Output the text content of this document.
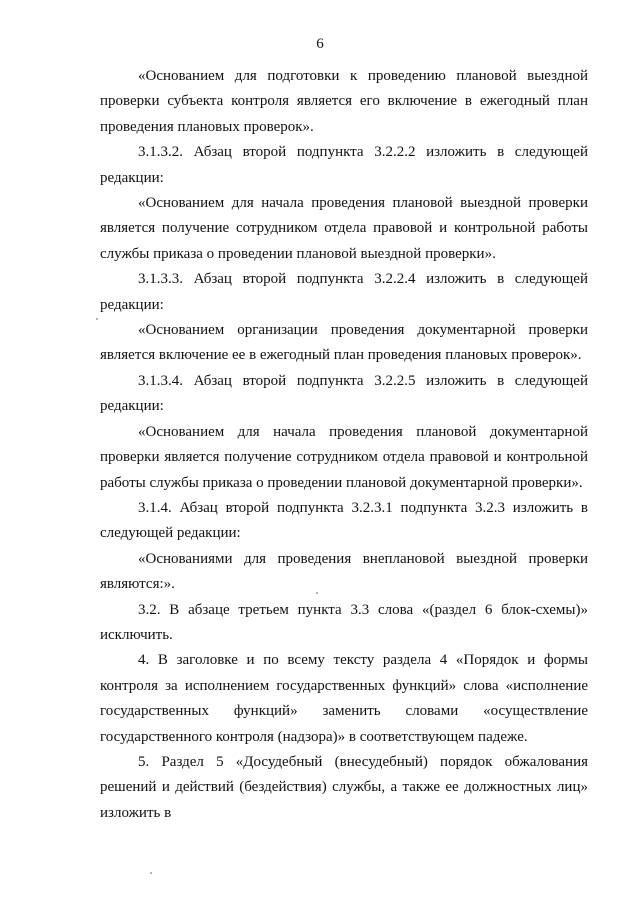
6

«Основанием для подготовки к проведению плановой выездной проверки субъекта контроля является его включение в ежегодный план проведения плановых проверок».

3.1.3.2. Абзац второй подпункта 3.2.2.2 изложить в следующей редакции:

«Основанием для начала проведения плановой выездной проверки является получение сотрудником отдела правовой и контрольной работы службы приказа о проведении плановой выездной проверки».

3.1.3.3. Абзац второй подпункта 3.2.2.4 изложить в следующей редакции:

«Основанием организации проведения документарной проверки является включение ее в ежегодный план проведения плановых проверок».

3.1.3.4. Абзац второй подпункта 3.2.2.5 изложить в следующей редакции:

«Основанием для начала проведения плановой документарной проверки является получение сотрудником отдела правовой и контрольной работы службы приказа о проведении плановой документарной проверки».

3.1.4. Абзац второй подпункта 3.2.3.1 подпункта 3.2.3 изложить в следующей редакции:

«Основаниями для проведения внеплановой выездной проверки являются:».

3.2. В абзаце третьем пункта 3.3 слова «(раздел 6 блок-схемы)» исключить.

4. В заголовке и по всему тексту раздела 4 «Порядок и формы контроля за исполнением государственных функций» слова «исполнение государственных функций» заменить словами «осуществление государственного контроля (надзора)» в соответствующем падеже.

5. Раздел 5 «Досудебный (внесудебный) порядок обжалования решений и действий (бездействия) службы, а также ее должностных лиц» изложить в
